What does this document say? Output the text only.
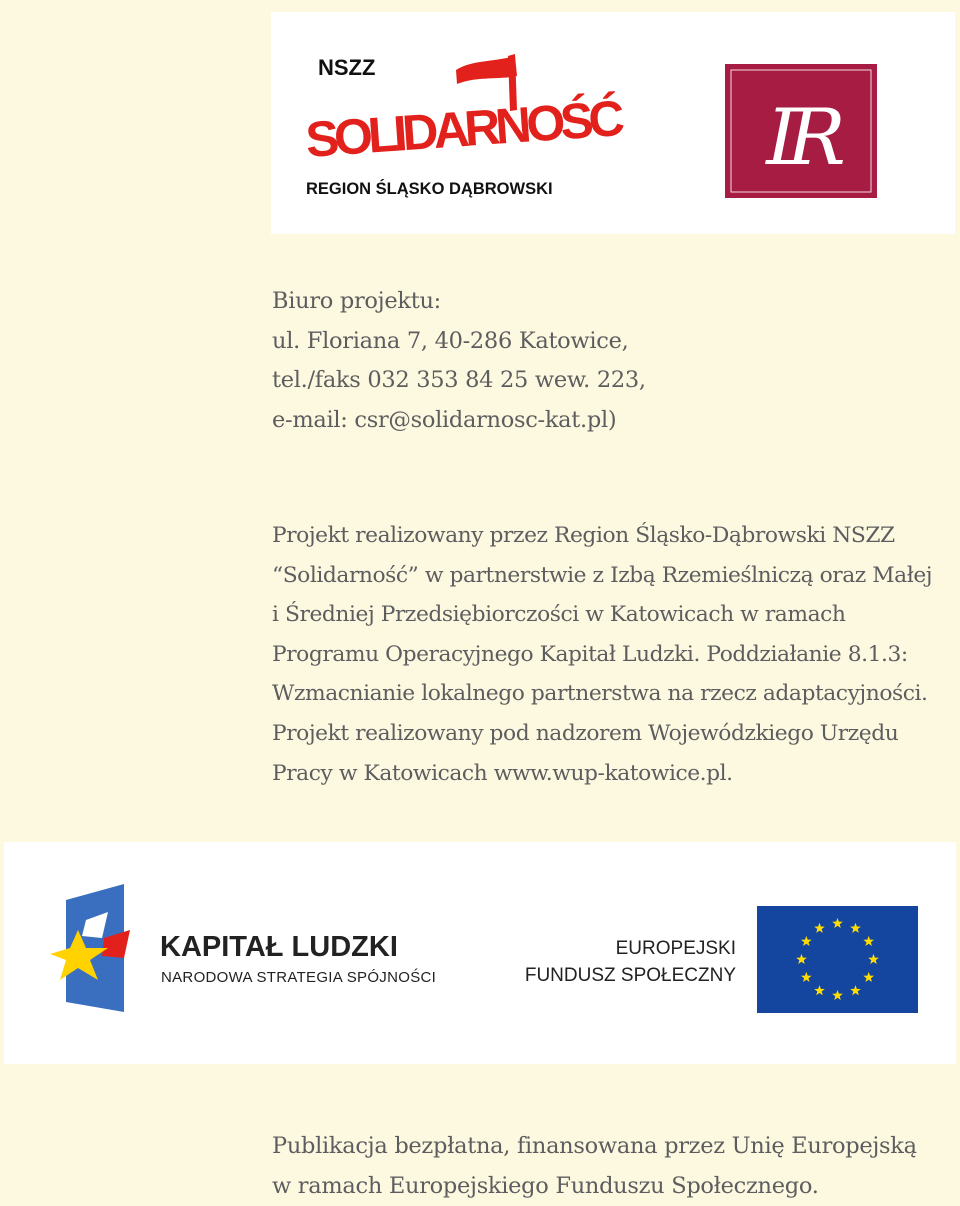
NSZZ
SOLIDARNOŚĆ
REGION ŚLĄSKO DĄBROWSKI
IR
Biuro projektu:
ul. Floriana 7, 40-286 Katowice,
tel./faks 032 353 84 25 wew. 223,
e-mail: csr@solidarnosc-kat.pl)
Projekt realizowany przez Region Śląsko-Dąbrowski NSZZ
“Solidarność” w partnerstwie z Izbą Rzemieślniczą oraz Małej
i Średniej Przedsiębiorczości w Katowicach w ramach
Programu Operacyjnego Kapitał Ludzki. Poddziałanie 8.1.3:
Wzmacnianie lokalnego partnerstwa na rzecz adaptacyjności.
Projekt realizowany pod nadzorem Wojewódzkiego Urzędu
Pracy w Katowicach www.wup-katowice.pl.
KAPITAŁ LUDZKI
NARODOWA STRATEGIA SPÓJNOŚCI
EUROPEJSKI
FUNDUSZ SPOŁECZNY
Publikacja bezpłatna, finansowana przez Unię Europejską
w ramach Europejskiego Funduszu Społecznego.
